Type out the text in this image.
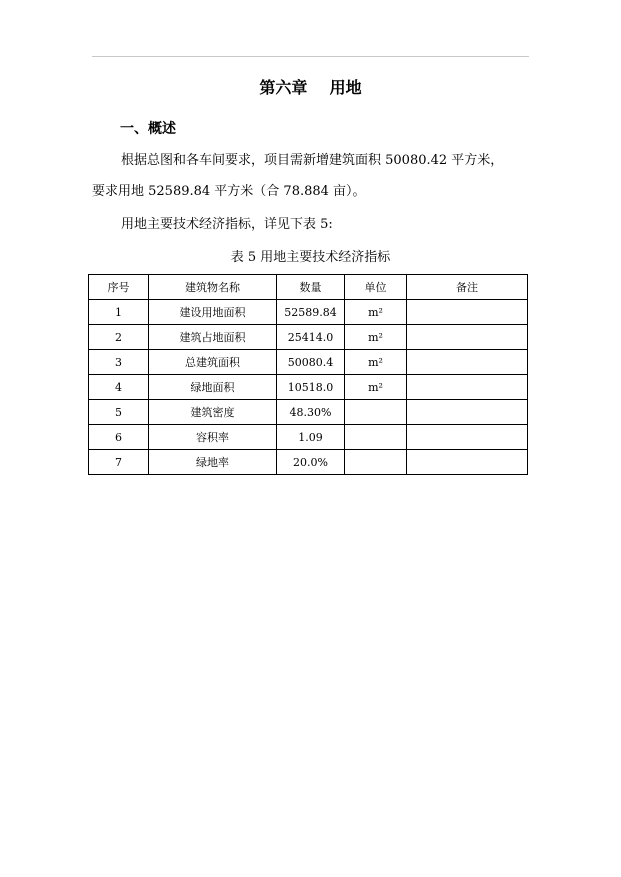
第六章    用地
一、概述
根据总图和各车间要求，项目需新增建筑面积 50080.42 平方米，
要求用地 52589.84 平方米（合 78.884 亩）。
用地主要技术经济指标，详见下表 5:
表 5 用地主要技术经济指标
序号	建筑物名称	数量	单位	备注
1	建设用地面积	52589.84	m²	
2	建筑占地面积	25414.0	m²	
3	总建筑面积	50080.4	m²	
4	绿地面积	10518.0	m²	
5	建筑密度	48.30%		
6	容积率	1.09		
7	绿地率	20.0%		
